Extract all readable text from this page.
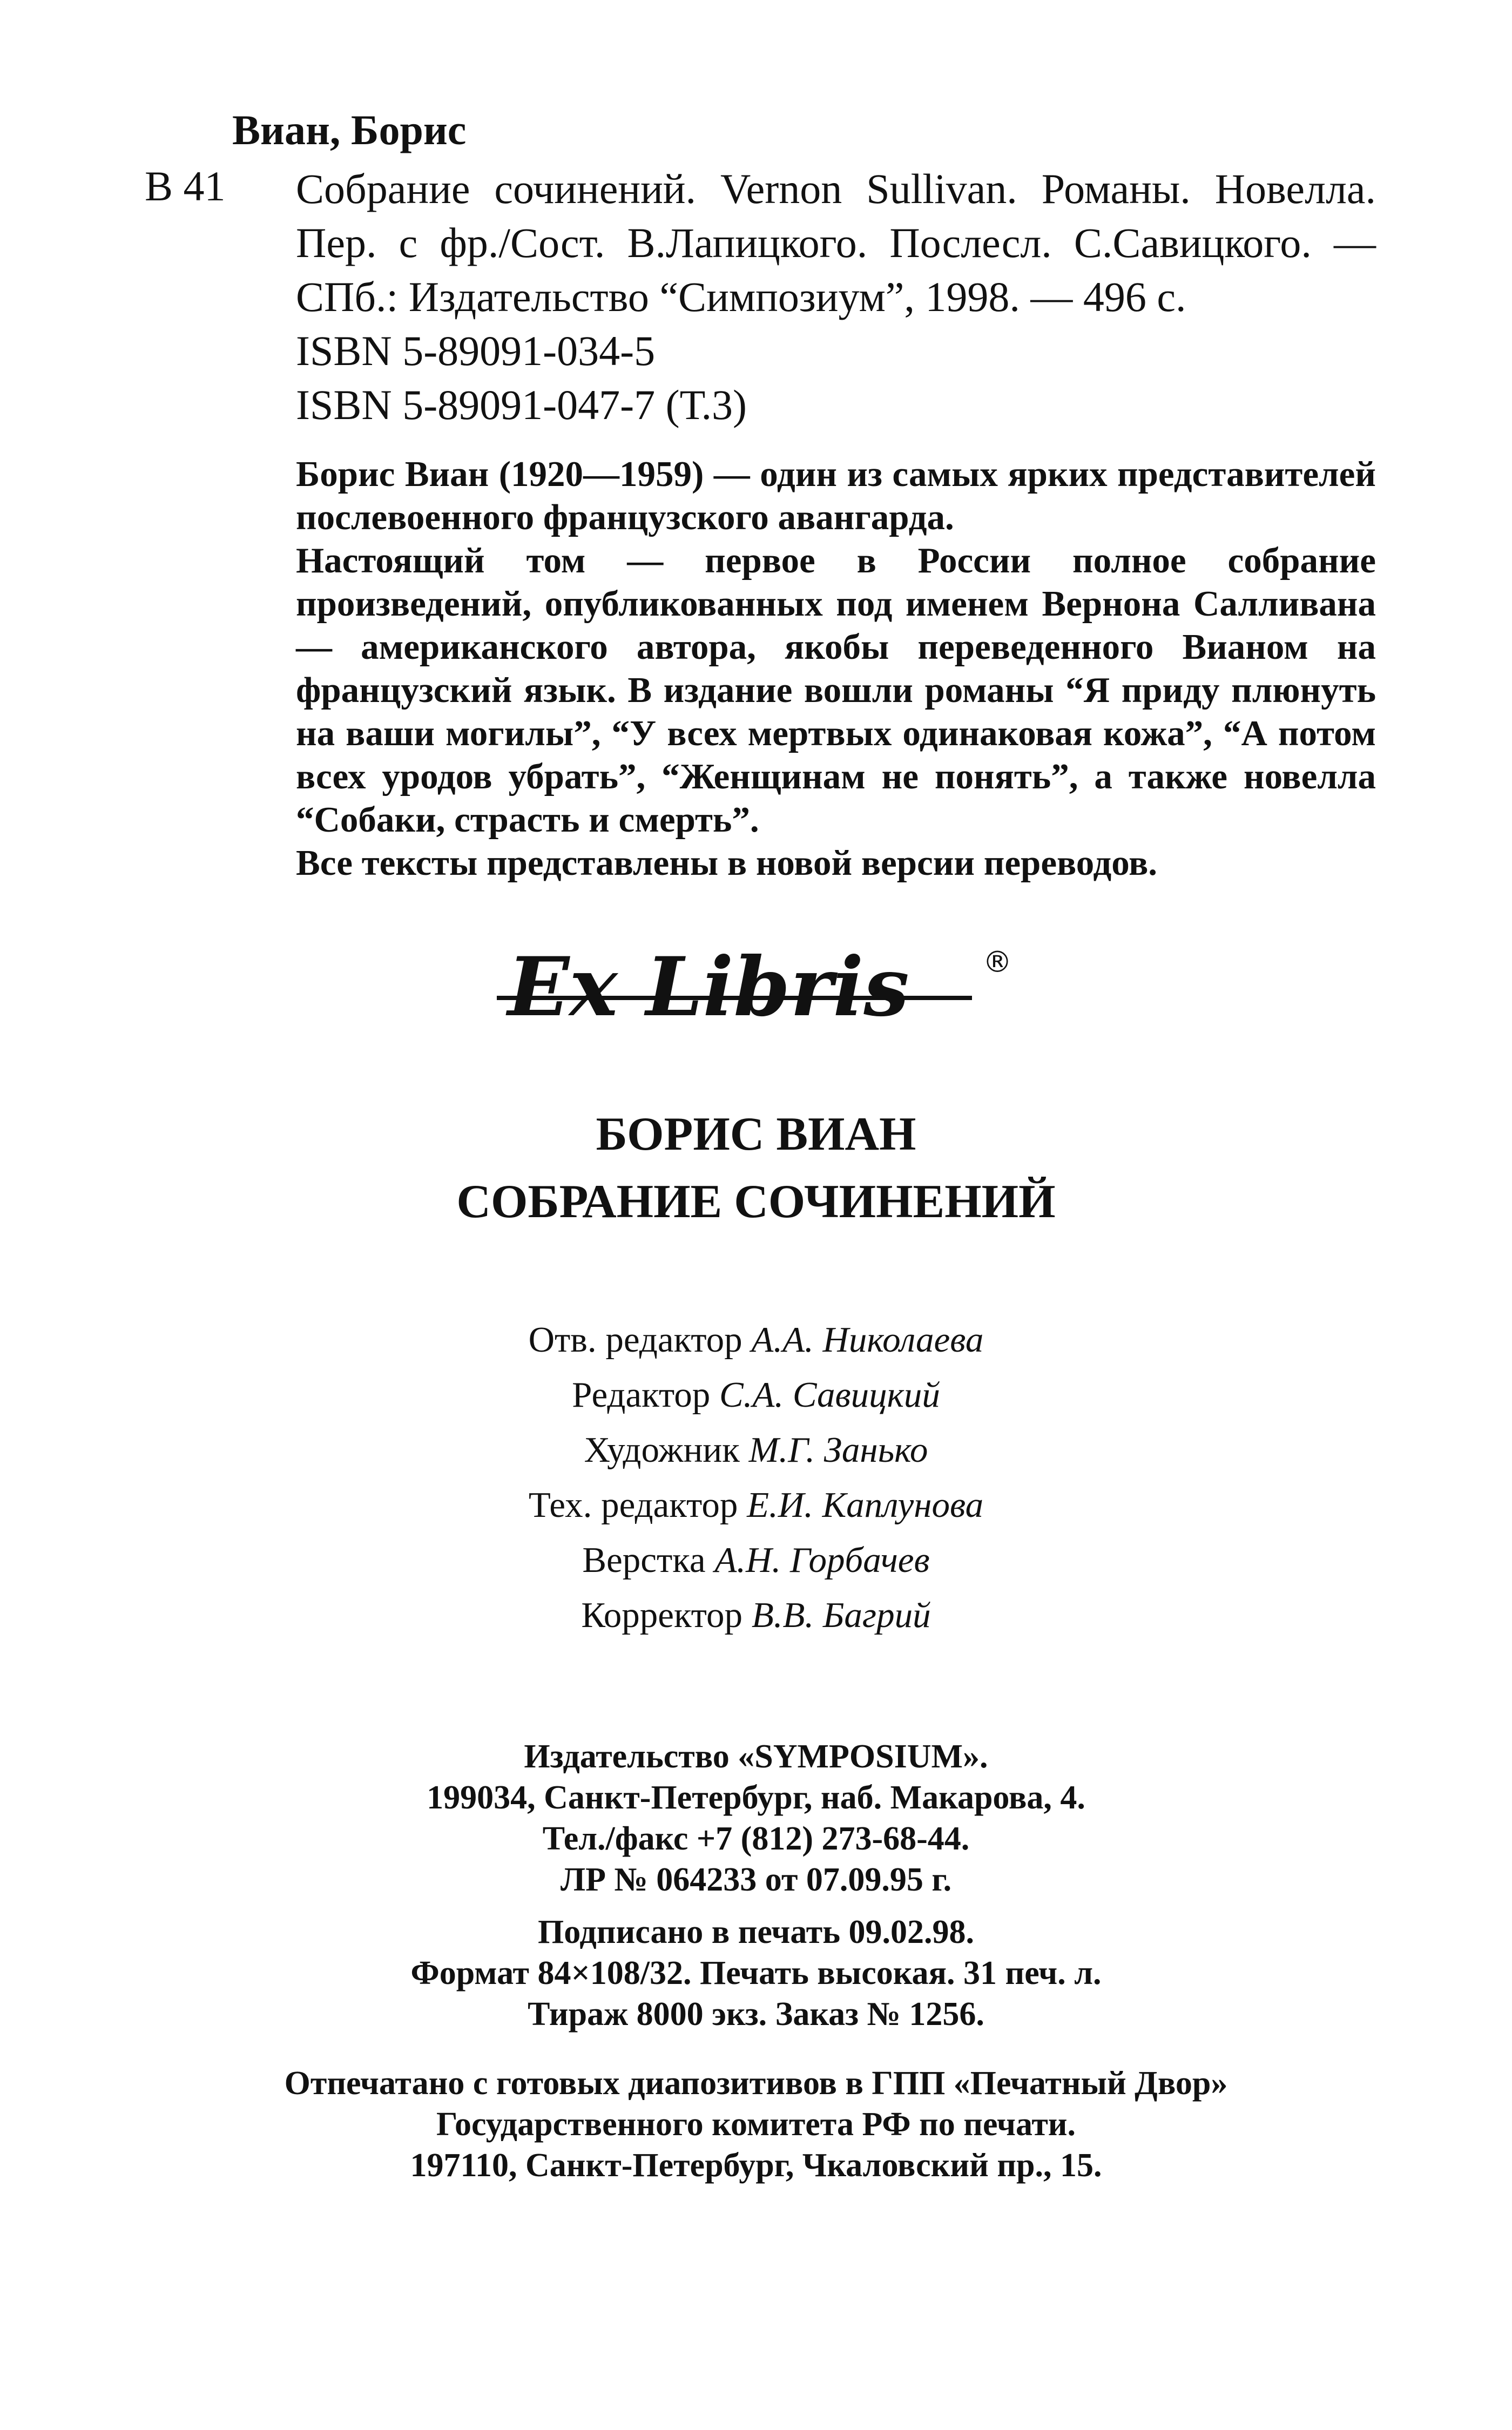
Виан, Борис
В 41 Собрание сочинений. Vernon Sullivan. Романы. Новелла. Пер. с фр./Сост. В.Лапицкого. Послесл. С.Савицкого. — СПб.: Издательство “Симпозиум”, 1998. — 496 с.
ISBN 5-89091-034-5
ISBN 5-89091-047-7 (Т.3)

Борис Виан (1920—1959) — один из самых ярких представителей послевоенного французского авангарда.

Настоящий том — первое в России полное собрание произведений, опубликованных под именем Вернона Салливана — американского автора, якобы переведенного Вианом на французский язык. В издание вошли романы “Я приду плюнуть на ваши могилы”, “У всех мертвых одинаковая кожа”, “А потом всех уродов убрать”, “Женщинам не понять”, а также новелла “Собаки, страсть и смерть”.

Все тексты представлены в новой версии переводов.

Ex Libris	®
БОРИС ВИАН
СОБРАНИЕ СОЧИНЕНИЙ
Отв. редактор А.А. Николаева
Редактор С.А. Савицкий
Художник М.Г. Занько
Тех. редактор Е.И. Каплунова
Верстка А.Н. Горбачев
Корректор В.В. Багрий
Издательство «SYMPOSIUM».
199034, Санкт-Петербург, наб. Макарова, 4.
Тел./факс +7 (812) 273-68-44.
ЛР № 064233 от 07.09.95 г.
Подписано в печать 09.02.98.
Формат 84×108/32. Печать высокая. 31 печ. л.
Тираж 8000 экз. Заказ № 1256.
Отпечатано с готовых диапозитивов в ГПП «Печатный Двор»
Государственного комитета РФ по печати.
197110, Санкт-Петербург, Чкаловский пр., 15.
